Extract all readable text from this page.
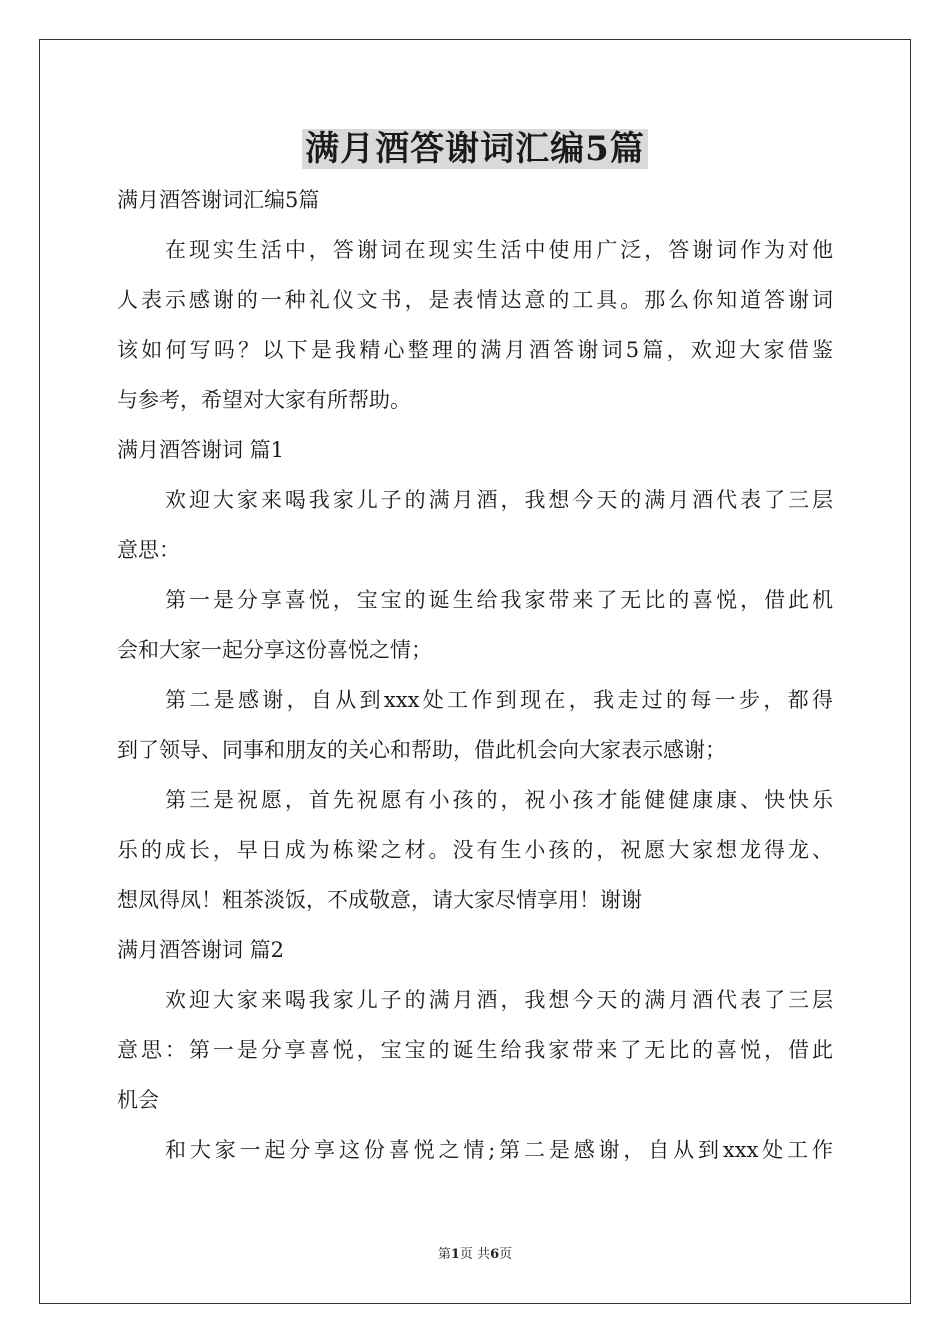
满月酒答谢词汇编5篇

满月酒答谢词汇编5篇

在现实生活中，答谢词在现实生活中使用广泛，答谢词作为对他

人表示感谢的一种礼仪文书，是表情达意的工具。那么你知道答谢词
该如何写吗？以下是我精心整理的满月酒答谢词5篇，欢迎大家借鉴
与参考，希望对大家有所帮助。

满月酒答谢词 篇1

欢迎大家来喝我家儿子的满月酒，我想今天的满月酒代表了三层
意思：

第一是分享喜悦，宝宝的诞生给我家带来了无比的喜悦，借此机
会和大家一起分享这份喜悦之情；

第二是感谢，自从到xxx处工作到现在，我走过的每一步，都得
到了领导、同事和朋友的关心和帮助，借此机会向大家表示感谢；

第三是祝愿，首先祝愿有小孩的，祝小孩才能健健康康、快快乐
乐的成长，早日成为栋梁之材。没有生小孩的，祝愿大家想龙得龙、
想凤得凤！粗茶淡饭，不成敬意，请大家尽情享用！谢谢

满月酒答谢词 篇2

欢迎大家来喝我家儿子的满月酒，我想今天的满月酒代表了三层
意思：第一是分享喜悦，宝宝的诞生给我家带来了无比的喜悦，借此
机会

和大家一起分享这份喜悦之情;第二是感谢，自从到xxx处工作

第1页 共6页
